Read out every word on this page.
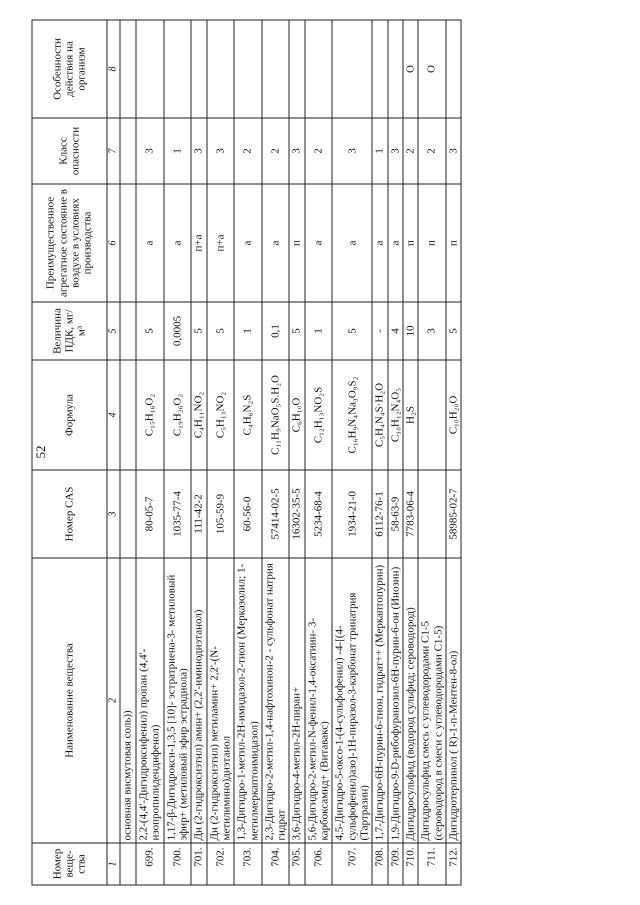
52
Номер веще-ства	Наименование вещества	Номер CAS	Формула	Величина ПДК, мг/м³	Преимущественное агрегатное состояние в воздухе в условиях производства	Класс опасности	Особенности действия на организм
1	2	3	4	5	6	7	8
	основная висмутовая соль))						
699.	2,2-(4,4'-Дигидроксифенил) пропан (4,4'-изопропилидендифенол)	80-05-7	C₁₅H₁₆O₂	5	а	3	
700.	1,17-β-Дигидрокси-1,3,5 [10]- эстратриена-3- метиловый эфир+ (метиловый эфир эстрадиола)	1035-77-4	C₁₉H₂₆O₂	0,0005	а	1	
701.	Ди (2-гидроксиэтил) амин+ (2,2'-иминодиэтанол)	111-42-2	C₄H₁₁NO₂	5	п+а	3	
702.	Ди (2-гидроксиэтил) метиламин+ 2,2'-(N-метилимино)диэтанол	105-59-9	C₅H₁₃NO₂	5	п+а	3	
703.	1,3-Дигидро-1-метил-2Н-имидазол-2-тион (Мерказолил; 1-метилмеркаптоимидазол)	60-56-0	C₄H₆N₂S	1	а	2	
704.	2,3-Дигидро-2-метил-1,4-нафтохинон-2 - сульфонат натрия гидрат	57414-02-5	C₁₁H₉NaO₅S.H₂O	0,1	а	2	
705.	3,6-Дигидро-4-метил-2Н-пиран+	16302-35-5	C₆H₁₀O	5	п	3	
706.	5,6-Дигидро-2-метил-N-фенил-1,4-оксатиин- 3-карбоксамид+ (Витавакс)	5234-68-4	C₁₂H₁₃NO₂S	1	а	2	
707.	4,5-Дигидро-5-оксо-1-(4-сульфофенил) -4-[(4-сульфофенил)азо]-1Н-пиразол-3-карбонат тринатрия (Тартразин)	1934-21-0	C₁₆H₉N₄Na₃O₉S₂	5	а	3	
708.	1,7-Дигидро-6Н-пурин-6-тион, гидрат++ (Меркаптопурин)	6112-76-1	C₅H₄N₄S·H₂O	-	а	1	
709.	1,9-Дигидро-9-D-рибофуранозил-6Н-пурин-6-он (Инозин)	58-63-9	C₁₀H₁₂N₄O₅	4	а	3	
710.	Дигидросульфид (водород сульфид; сероводород)	7783-06-4	H₂S	10	п	2	О
711.	Дигидросульфид смесь с углеводородами С1-5 (сероводород в смеси с углеводородами С1-5)			3	п	2	О
712.	Дигидротерпинол ( R)-1-п-Ментен-8-ол)	58985-02-7	C₁₀H₂₀O	5	п	3	
